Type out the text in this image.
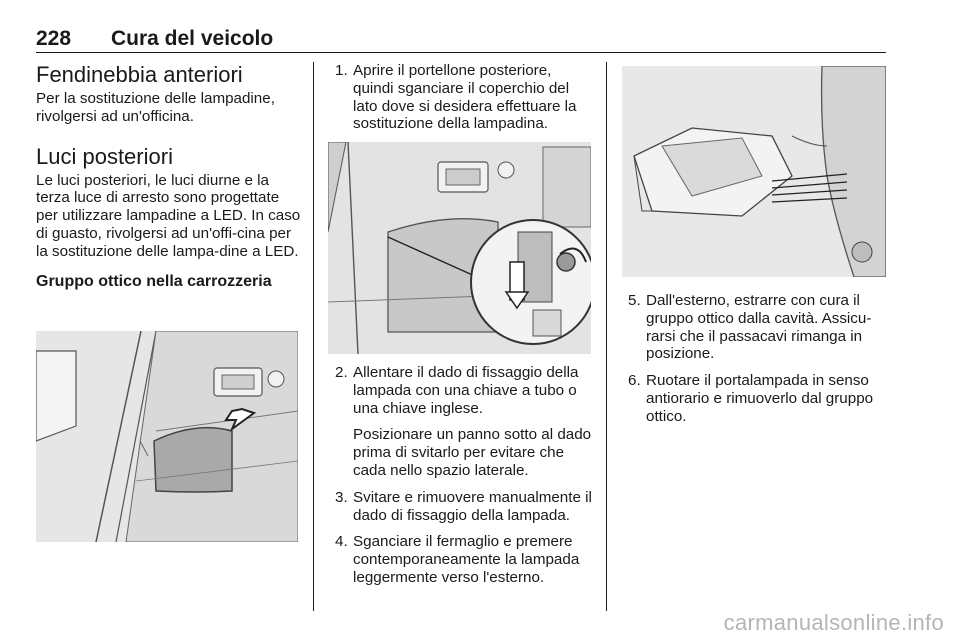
228 Cura del veicolo
Fendinebbia anteriori

Per la sostituzione delle lampadine, rivolgersi ad un'officina.

Luci posteriori

Le luci posteriori, le luci diurne e la terza luce di arresto sono progettate per utilizzare lampadine a LED. In caso di guasto, rivolgersi ad un'offi-cina per la sostituzione delle lampa-dine a LED.

Gruppo ottico nella carrozzeria
1. Aprire il portellone posteriore, quindi sganciare il coperchio del lato dove si desidera effettuare la sostituzione della lampadina.
2. Allentare il dado di fissaggio della lampada con una chiave a tubo o una chiave inglese.
Posizionare un panno sotto al dado prima di svitarlo per evitare che cada nello spazio laterale.
3. Svitare e rimuovere manualmente il dado di fissaggio della lampada.
4. Sganciare il fermaglio e premere contemporaneamente la lampada leggermente verso l'esterno.
5. Dall'esterno, estrarre con cura il gruppo ottico dalla cavità. Assicu-rarsi che il passacavi rimanga in posizione.
6. Ruotare il portalampada in senso antiorario e rimuoverlo dal gruppo ottico.
carmanualsonline.info
